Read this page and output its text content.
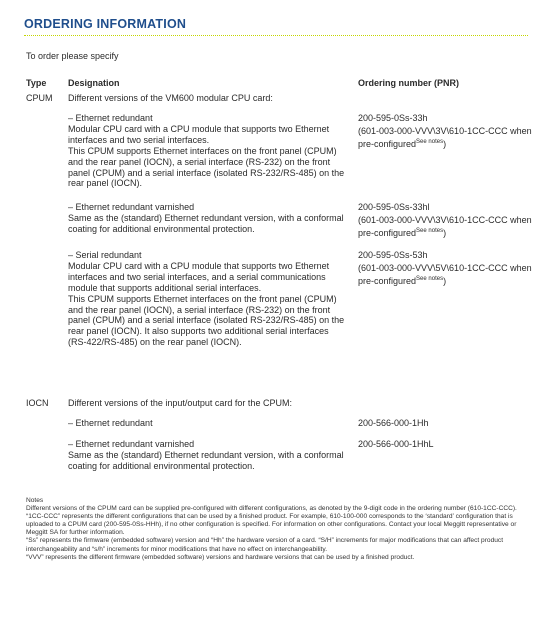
ORDERING INFORMATION
To order please specify
Type Designation	Ordering number (PNR)
CPUM Different versions of the VM600 modular CPU card:

– Ethernet redundant

Modular CPU card with a CPU module that supports two Ethernet interfaces and two serial interfaces.

This CPUM supports Ethernet interfaces on the front panel (CPUM) and the rear panel (IOCN), a serial interface (RS-232) on the front panel (CPUM) and a serial interface (isolated RS-232/RS-485) on the rear panel (IOCN).

200-595-0Ss-33h
(601-003-000-VVV\3V\610-1CC-CCC when pre-configured$^{See notes}$)

– Ethernet redundant varnished

Same as the (standard) Ethernet redundant version, with a conformal coating for additional environmental protection.

200-595-0Ss-33hl
(601-003-000-VVV\3V\610-1CC-CCC when pre-configured$^{See notes}$)

– Serial redundant

Modular CPU card with a CPU module that supports two Ethernet interfaces and two serial interfaces, and a serial communications module that supports additional serial interfaces.

This CPUM supports Ethernet interfaces on the front panel (CPUM) and the rear panel (IOCN), a serial interface (RS-232) on the front panel (CPUM) and a serial interface (isolated RS-232/RS-485) on the rear panel (IOCN). It also supports two additional serial interfaces

(RS-422/RS-485) on the rear panel (IOCN).

200-595-0Ss-53h
(601-003-000-VVV\5V\610-1CC-CCC when pre-configured$^{See notes}$)
IOCN Different versions of the input/output card for the CPUM:

– Ethernet redundant	200-566-000-1Hh

– Ethernet redundant varnished

Same as the (standard) Ethernet redundant version, with a conformal coating for additional environmental protection.

200-566-000-1HhL

Notes

Different versions of the CPUM card can be supplied pre-configured with different configurations, as denoted by the 9-digit code in the ordering number (610-1CC-CCC).

“1CC-CCC” represents the different configurations that can be used by a finished product. For example, 610-100-000 corresponds to the ‘standard’ configuration that is uploaded to a CPUM card (200-595-0Ss-HHh), if no other configuration is specified. For information on other configurations. Contact your local Meggitt representative or Meggitt SA for further information.

“Ss” represents the firmware (embedded software) version and “Hh” the hardware version of a card. “S/H” increments for major modifications that can affect product interchangeability and “s/h” increments for minor modifications that have no effect on interchangeability.

“VVV” represents the different firmware (embedded software) versions and hardware versions that can be used by a finished product.
